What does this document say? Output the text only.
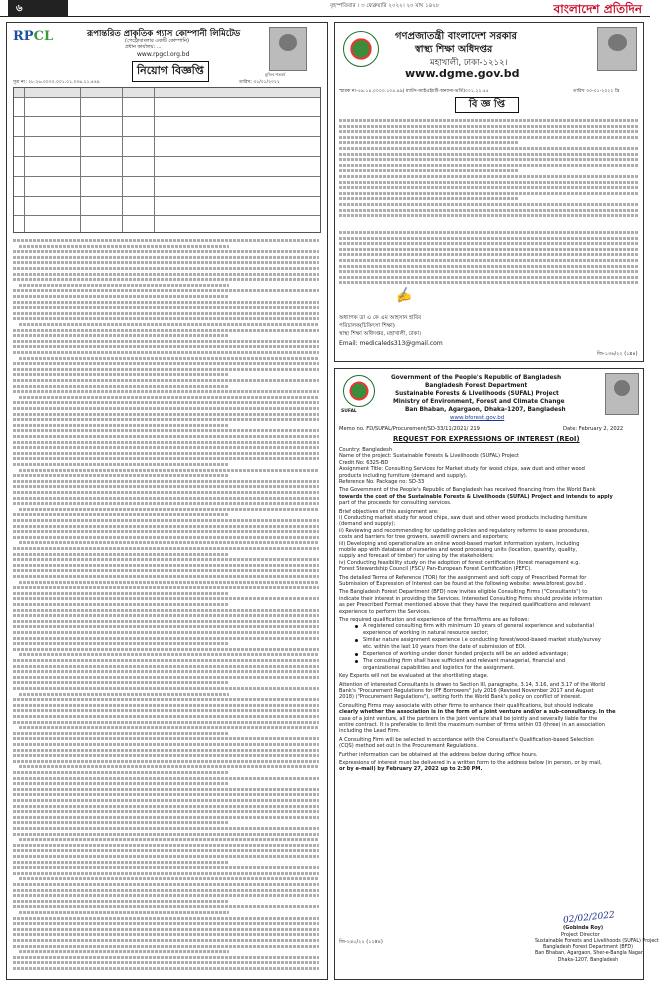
৬	বৃহস্পতিবার । ৩ ফেব্রুয়ারি ২০২২। ২০ মাঘ ১৪২৮	বাংলাদেশ প্রতিদিন
RPCL	রূপান্তরিত প্রাকৃতিক গ্যাস কোম্পানী লিমিটেড
(পেট্রোবাংলার একটি কোম্পানি)
প্রধান কার্যালয়: ...
www.rpgcl.org.bd
নিয়োগ বিজ্ঞপ্তি	মুজিব শতবর্ষ
সূত্র নং: ২৮.২৬.০০০০.০০১.০১.০০৬.২১.৪৪৯	তারিখ: ৩১/০১/২০২২
গণপ্রজাতন্ত্রী বাংলাদেশ সরকার
স্বাস্থ্য শিক্ষা অধিদপ্তর
মহাখালী, ঢাকা-১২১২।
www.dgme.gov.bd
স্মারক নং-৫৯.১৪.০০০০.১০৪.৯৯( ম্যাটস-আইএইচটি-অন্যান্য-ভর্তি)০০১.২২.৫৫	তারিখ ৩০-০১-২০২২ খ্রি
বি জ্ঞ প্তি
✍
অধ্যাপক ডা এ কে এম আহসান হাবিব
পরিচালক(চিকিৎসা শিক্ষা)
স্বাস্থ্য শিক্ষা অধিদপ্তর, মহাখালী, ঢাকা।
Email: medicaleds313@gmail.com
জি-১৩৬/২২ (১x৪)
SUFAL
Government of the People's Republic of Bangladesh
Bangladesh Forest Department
Sustainable Forests & Livelihoods (SUFAL) Project
Ministry of Environment, Forest and Climate Change
Ban Bhaban, Agargaon, Dhaka-1207, Bangladesh
www.bforest.gov.bd
Memo no. FD/SUFAL/Procurement/SD-33/11/2021/ 219	Date: February 2, 2022
REQUEST FOR EXPRESSIONS OF INTEREST (REoI)
Country: Bangladesh
Name of the project: Sustainable Forests & Livelihoods (SUFAL) Project
Credit No: 6325-BD
Assignment Title: Consulting Services for Market study for wood chips, saw dust and other wood
products including furniture (demand and supply).
Reference No. Package no: SD-33
The Government of the People's Republic of Bangladesh has received financing from the World Bank
towards the cost of the Sustainable Forests & Livelihoods (SUFAL) Project and intends to apply
part of the proceeds for consulting services.
Brief objectives of this assignment are:
i) Conducting market study for wood chips, saw dust and other wood products including furniture
(demand and supply);
ii) Reviewing and recommending for updating policies and regulatory reforms to ease procedures,
costs and barriers for tree growers, sawmill owners and exporters;
iii) Developing and operationalize an online wood-based market information system, including
mobile app with database of nurseries and wood processing units (location, quantity, quality,
supply and forecast of timber) for using by the stakeholders;
iv) Conducting feasibility study on the adoption of forest certification (forest management e.g.
Forest Stewardship Council (FSC)/ Pan-European Forest Certification (PEFC).
The detailed Terms of Reference (TOR) for the assignment and soft copy of Prescribed Format for
Submission of Expression of Interest can be found at the following website: www.bforest.gov.bd .
The Bangladesh Forest Department (BFD) now invites eligible Consulting Firms ("Consultants") to
indicate their interest in providing the Services. Interested Consulting Firms should provide information
as per Prescribed Format mentioned above that they have the required qualifications and relevant
experience to perform the Services.
The required qualification and experience of the firms/firms are as follows:
A registered consulting firm with minimum 10 years of general experience and substantial
experience of working in natural resource sector;
Similar nature assignment experience i.e conducting forest/wood-based market study/survey
etc. within the last 10 years from the date of submission of EOI.
Experience of working under donor funded projects will be an added advantage;
The consulting firm shall have sufficient and relevant managerial, financial and
organizational capabilities and logistics for the assignment.
Key Experts will not be evaluated at the shortlisting stage.
Attention of interested Consultants is drawn to Section III, paragraphs, 3.14, 3.16, and 3.17 of the World
Bank's "Procurement Regulations for IPF Borrowers" July 2016 (Revised November 2017 and August
2018) ("Procurement Regulations"), setting forth the World Bank's policy on conflict of interest.
Consulting Firms may associate with other firms to enhance their qualifications, but should indicate
clearly whether the association is in the form of a joint venture and/or a sub-consultancy. In the
case of a joint venture, all the partners in the joint venture shall be jointly and severally liable for the
entire contract. It is preferable to limit the maximum number of firms within 03 (three) in an association
including the Lead Firm.
A Consulting Firm will be selected in accordance with the Consultant's Qualification-based Selection
(CQS) method set out in the Procurement Regulations.
Further information can be obtained at the address below during office hours.
Expressions of interest must be delivered in a written form to the address below (in person, or by mail,
or by e-mail) by February 27, 2022 up to 2:30 PM.
02/02/2022
(Gobinda Roy)
Project Director
Sustainable Forests and Livelihoods (SUFAL) Project
Bangladesh Forest Department (BFD)
Ban Bhaban, Agargaon, Sher-e-Bangla Nagar
Dhaka-1207, Bangladesh
জি-২৪০/২২ (১২x৪)
